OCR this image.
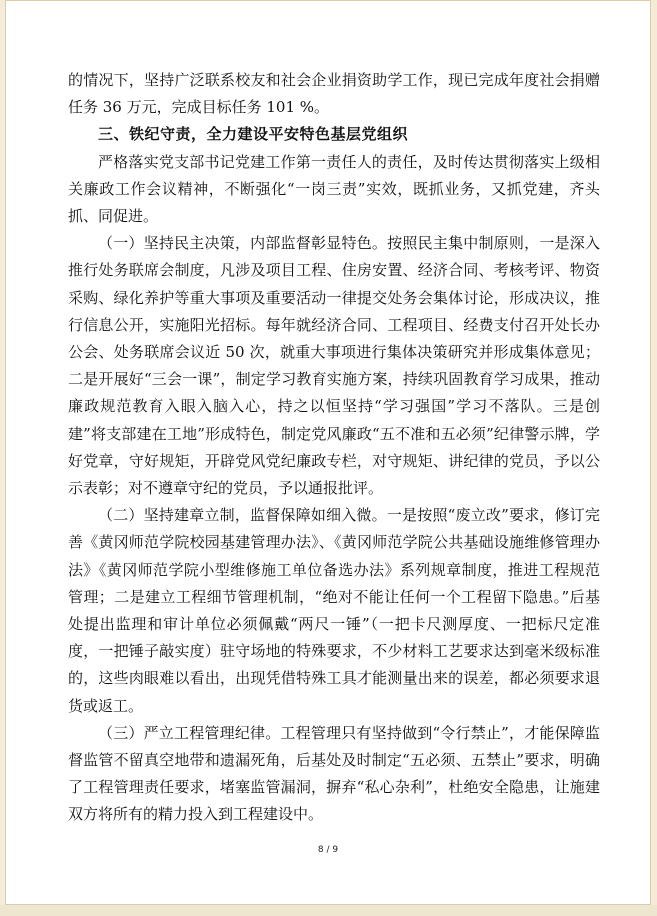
的情况下，坚持广泛联系校友和社会企业捐资助学工作，现已完成年度社会捐赠任务 36 万元，完成目标任务 101 %。

三、铁纪守责，全力建设平安特色基层党组织

严格落实党支部书记党建工作第一责任人的责任，及时传达贯彻落实上级相关廉政工作会议精神，不断强化“一岗三责”实效，既抓业务，又抓党建，齐头抓、同促进。

（一）坚持民主决策，内部监督彰显特色。按照民主集中制原则，一是深入推行处务联席会制度，凡涉及项目工程、住房安置、经济合同、考核考评、物资采购、绿化养护等重大事项及重要活动一律提交处务会集体讨论，形成决议，推行信息公开，实施阳光招标。每年就经济合同、工程项目、经费支付召开处长办公会、处务联席会议近 50 次，就重大事项进行集体决策研究并形成集体意见；二是开展好“三会一课”，制定学习教育实施方案，持续巩固教育学习成果，推动廉政规范教育入眼入脑入心，持之以恒坚持“学习强国”学习不落队。三是创建”将支部建在工地”形成特色，制定党风廉政“五不准和五必须”纪律警示牌，学好党章，守好规矩，开辟党风党纪廉政专栏，对守规矩、讲纪律的党员，予以公示表彰；对不遵章守纪的党员，予以通报批评。

（二）坚持建章立制，监督保障如细入微。一是按照“废立改”要求，修订完善《黄冈师范学院校园基建管理办法》、《黄冈师范学院公共基础设施维修管理办法》《黄冈师范学院小型维修施工单位备选办法》系列规章制度，推进工程规范管理；二是建立工程细节管理机制，“绝对不能让任何一个工程留下隐患。”后基处提出监理和审计单位必须佩戴“两尺一锤”（一把卡尺测厚度、一把标尺定准度，一把锤子敲实度）驻守场地的特殊要求，不少材料工艺要求达到毫米级标准的，这些肉眼难以看出，出现凭借特殊工具才能测量出来的误差，都必须要求退货或返工。

（三）严立工程管理纪律。工程管理只有坚持做到“令行禁止”，才能保障监督监管不留真空地带和遗漏死角，后基处及时制定“五必须、五禁止”要求，明确了工程管理责任要求，堵塞监管漏洞，摒弃“私心杂利”，杜绝安全隐患，让施建双方将所有的精力投入到工程建设中。

8 / 9
